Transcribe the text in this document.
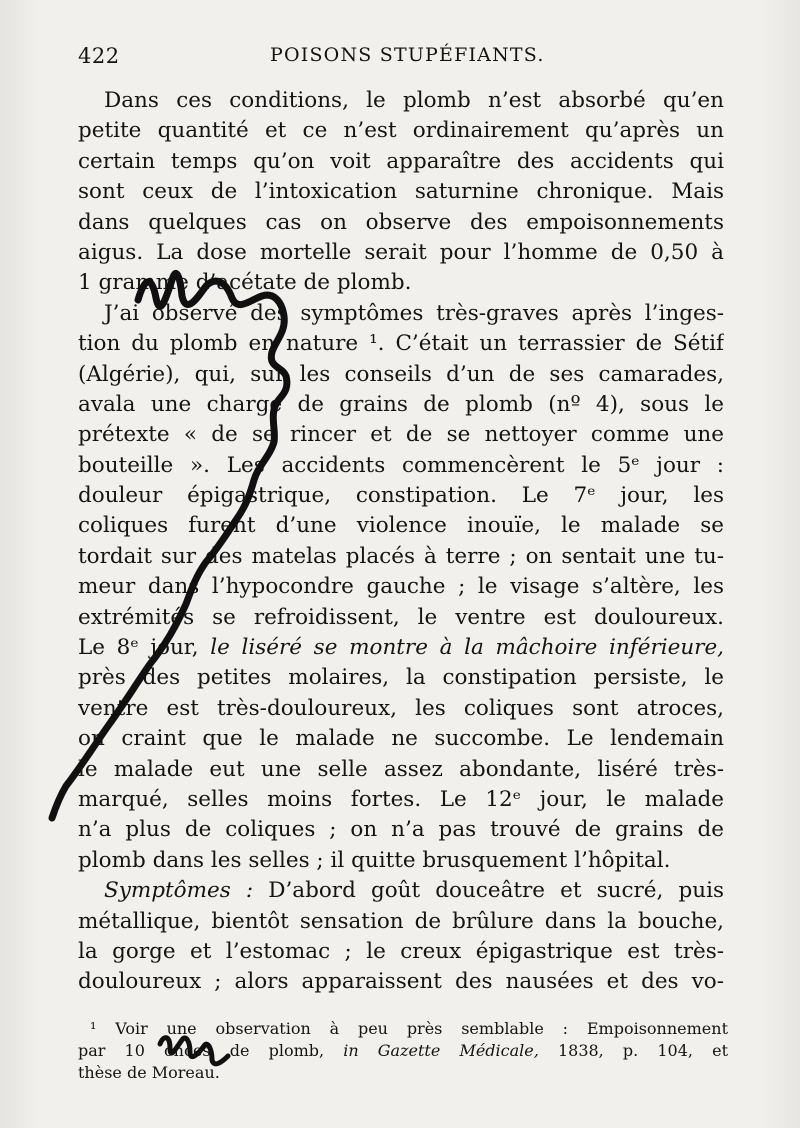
422	POISONS STUPÉFIANTS.
Dans ces conditions, le plomb n’est absorbé qu’en
petite quantité et ce n’est ordinairement qu’après un
certain temps qu’on voit apparaître des accidents qui
sont ceux de l’intoxication saturnine chronique. Mais
dans quelques cas on observe des empoisonnements
aigus. La dose mortelle serait pour l’homme de 0,50 à
1 gramme d’acétate de plomb.
J’ai observé des symptômes très-graves après l’inges-
tion du plomb en nature ¹. C’était un terrassier de Sétif
(Algérie), qui, sur les conseils d’un de ses camarades,
avala une charge de grains de plomb (nº 4), sous le
prétexte « de se rincer et de se nettoyer comme une
bouteille ». Les accidents commencèrent le 5ᵉ jour :
douleur épigastrique, constipation. Le 7ᵉ jour, les
coliques furent d’une violence inouïe, le malade se
tordait sur des matelas placés à terre ; on sentait une tu-
meur dans l’hypocondre gauche ; le visage s’altère, les
extrémités se refroidissent, le ventre est douloureux.
Le 8ᵉ jour, le liséré se montre à la mâchoire inférieure,
près des petites molaires, la constipation persiste, le
ventre est très-douloureux, les coliques sont atroces,
on craint que le malade ne succombe. Le lendemain
le malade eut une selle assez abondante, liséré très-
marqué, selles moins fortes. Le 12ᵉ jour, le malade
n’a plus de coliques ; on n’a pas trouvé de grains de
plomb dans les selles ; il quitte brusquement l’hôpital.
Symptômes : D’abord goût douceâtre et sucré, puis
métallique, bientôt sensation de brûlure dans la bouche,
la gorge et l’estomac ; le creux épigastrique est très-
douloureux ; alors apparaissent des nausées et des vo-
¹ Voir une observation à peu près semblable : Empoisonnement
par 10 onces de plomb, in Gazette Médicale, 1838, p. 104, et
thèse de Moreau.
